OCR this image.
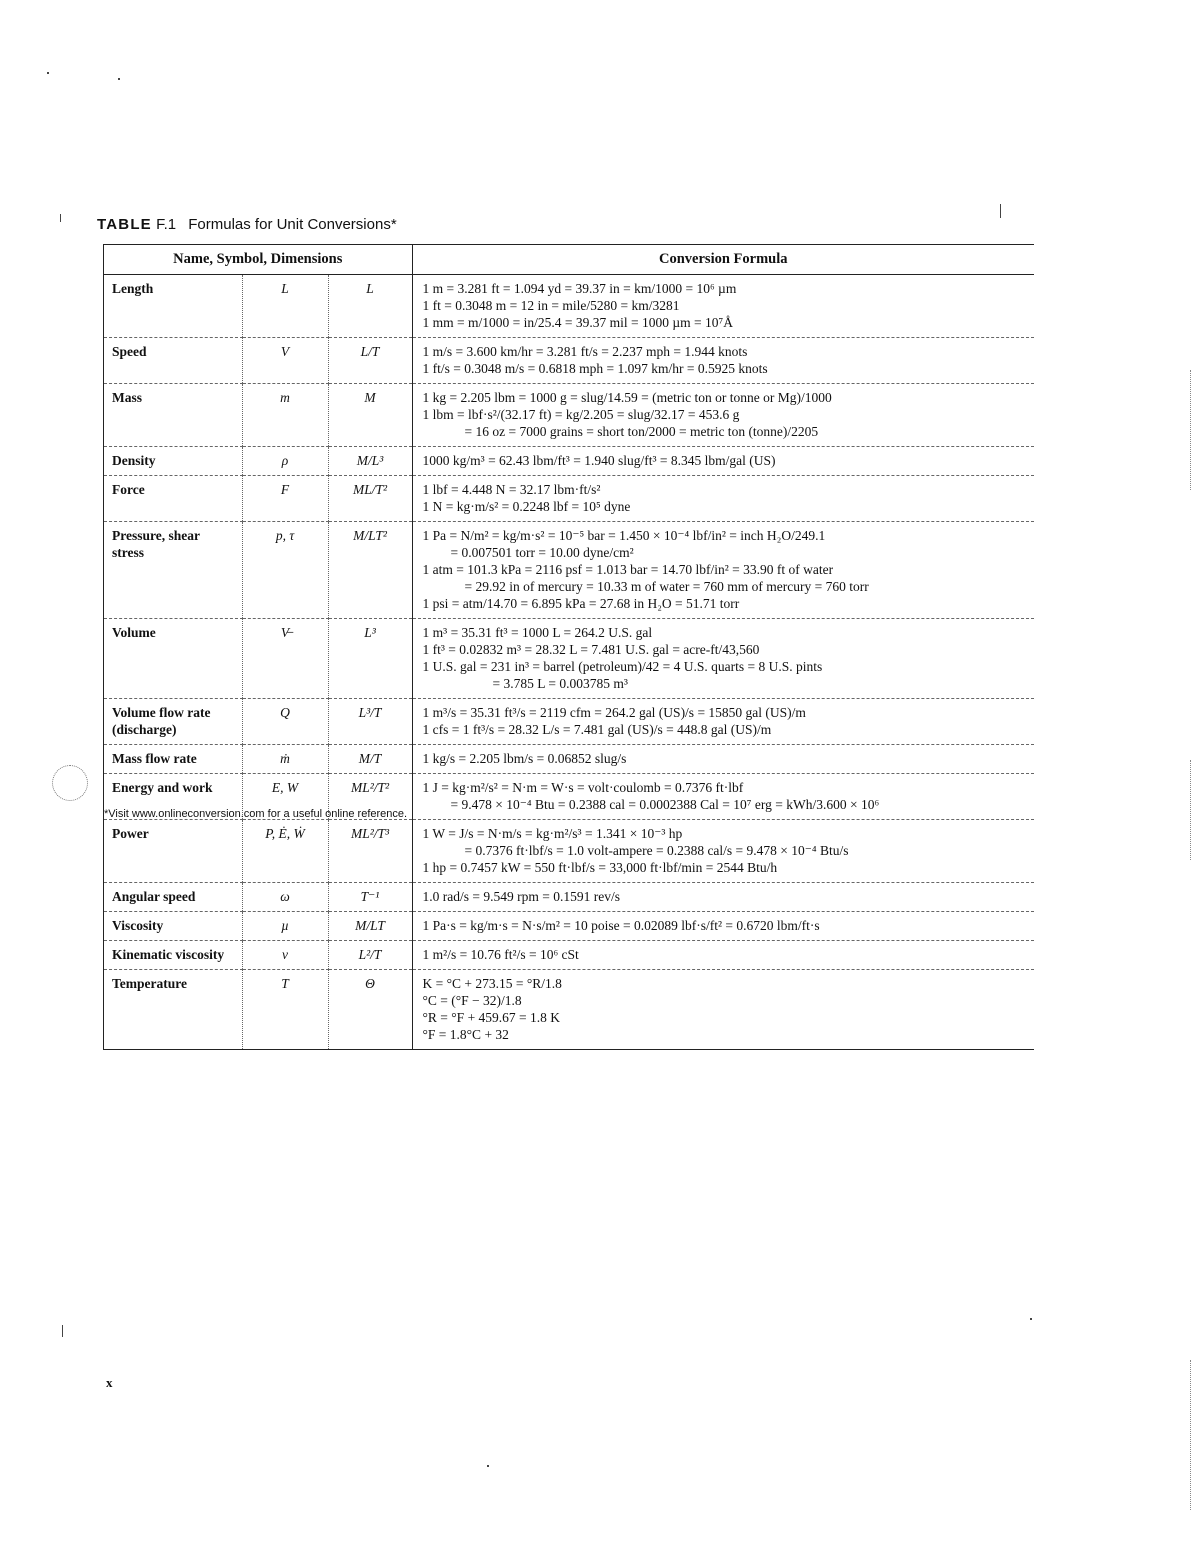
TABLE F.1 Formulas for Unit Conversions*
Name, Symbol, Dimensions			Conversion Formula
Length	L	L	1 m = 3.281 ft = 1.094 yd = 39.37 in = km/1000 = 10⁶ µm
1 ft = 0.3048 m = 12 in = mile/5280 = km/3281
1 mm = m/1000 = in/25.4 = 39.37 mil = 1000 µm = 10⁷Å

Speed	V	L/T	1 m/s = 3.600 km/hr = 3.281 ft/s = 2.237 mph = 1.944 knots
1 ft/s = 0.3048 m/s = 0.6818 mph = 1.097 km/hr = 0.5925 knots

Mass	m	M	1 kg = 2.205 lbm = 1000 g = slug/14.59 = (metric ton or tonne or Mg)/1000
1 lbm = lbf·s²/(32.17 ft) = kg/2.205 = slug/32.17 = 453.6 g
= 16 oz = 7000 grains = short ton/2000 = metric ton (tonne)/2205

Density	ρ	M/L³	1000 kg/m³ = 62.43 lbm/ft³ = 1.940 slug/ft³ = 8.345 lbm/gal (US)

Force	F	ML/T²	1 lbf = 4.448 N = 32.17 lbm·ft/s²
1 N = kg·m/s² = 0.2248 lbf = 10⁵ dyne

Pressure, shear stress	p, τ	M/LT²	1 Pa = N/m² = kg/m·s² = 10⁻⁵ bar = 1.450 × 10⁻⁴ lbf/in² = inch H₂O/249.1
= 0.007501 torr = 10.00 dyne/cm²
1 atm = 101.3 kPa = 2116 psf = 1.013 bar = 14.70 lbf/in² = 33.90 ft of water
= 29.92 in of mercury = 10.33 m of water = 760 mm of mercury = 760 torr
1 psi = atm/14.70 = 6.895 kPa = 27.68 in H₂O = 51.71 torr

Volume	V̶	L³	1 m³ = 35.31 ft³ = 1000 L = 264.2 U.S. gal
1 ft³ = 0.02832 m³ = 28.32 L = 7.481 U.S. gal = acre-ft/43,560
1 U.S. gal = 231 in³ = barrel (petroleum)/42 = 4 U.S. quarts = 8 U.S. pints
= 3.785 L = 0.003785 m³

Volume flow rate (discharge)	Q	L³/T	1 m³/s = 35.31 ft³/s = 2119 cfm = 264.2 gal (US)/s = 15850 gal (US)/m
1 cfs = 1 ft³/s = 28.32 L/s = 7.481 gal (US)/s = 448.8 gal (US)/m

Mass flow rate	ṁ	M/T	1 kg/s = 2.205 lbm/s = 0.06852 slug/s

Energy and work	E, W	ML²/T²	1 J = kg·m²/s² = N·m = W·s = volt·coulomb = 0.7376 ft·lbf
= 9.478 × 10⁻⁴ Btu = 0.2388 cal = 0.0002388 Cal = 10⁷ erg = kWh/3.600 × 10⁶

Power	P, Ė, Ẇ	ML²/T³	1 W = J/s = N·m/s = kg·m²/s³ = 1.341 × 10⁻³ hp
= 0.7376 ft·lbf/s = 1.0 volt-ampere = 0.2388 cal/s = 9.478 × 10⁻⁴ Btu/s
1 hp = 0.7457 kW = 550 ft·lbf/s = 33,000 ft·lbf/min = 2544 Btu/h

Angular speed	ω	T⁻¹	1.0 rad/s = 9.549 rpm = 0.1591 rev/s

Viscosity	µ	M/LT	1 Pa·s = kg/m·s = N·s/m² = 10 poise = 0.02089 lbf·s/ft² = 0.6720 lbm/ft·s

Kinematic viscosity	ν	L²/T	1 m²/s = 10.76 ft²/s = 10⁶ cSt

Temperature	T	Θ	K = °C + 273.15 = °R/1.8
°C = (°F − 32)/1.8
°R = °F + 459.67 = 1.8 K
°F = 1.8°C + 32
*Visit www.onlineconversion.com for a useful online reference.
x
